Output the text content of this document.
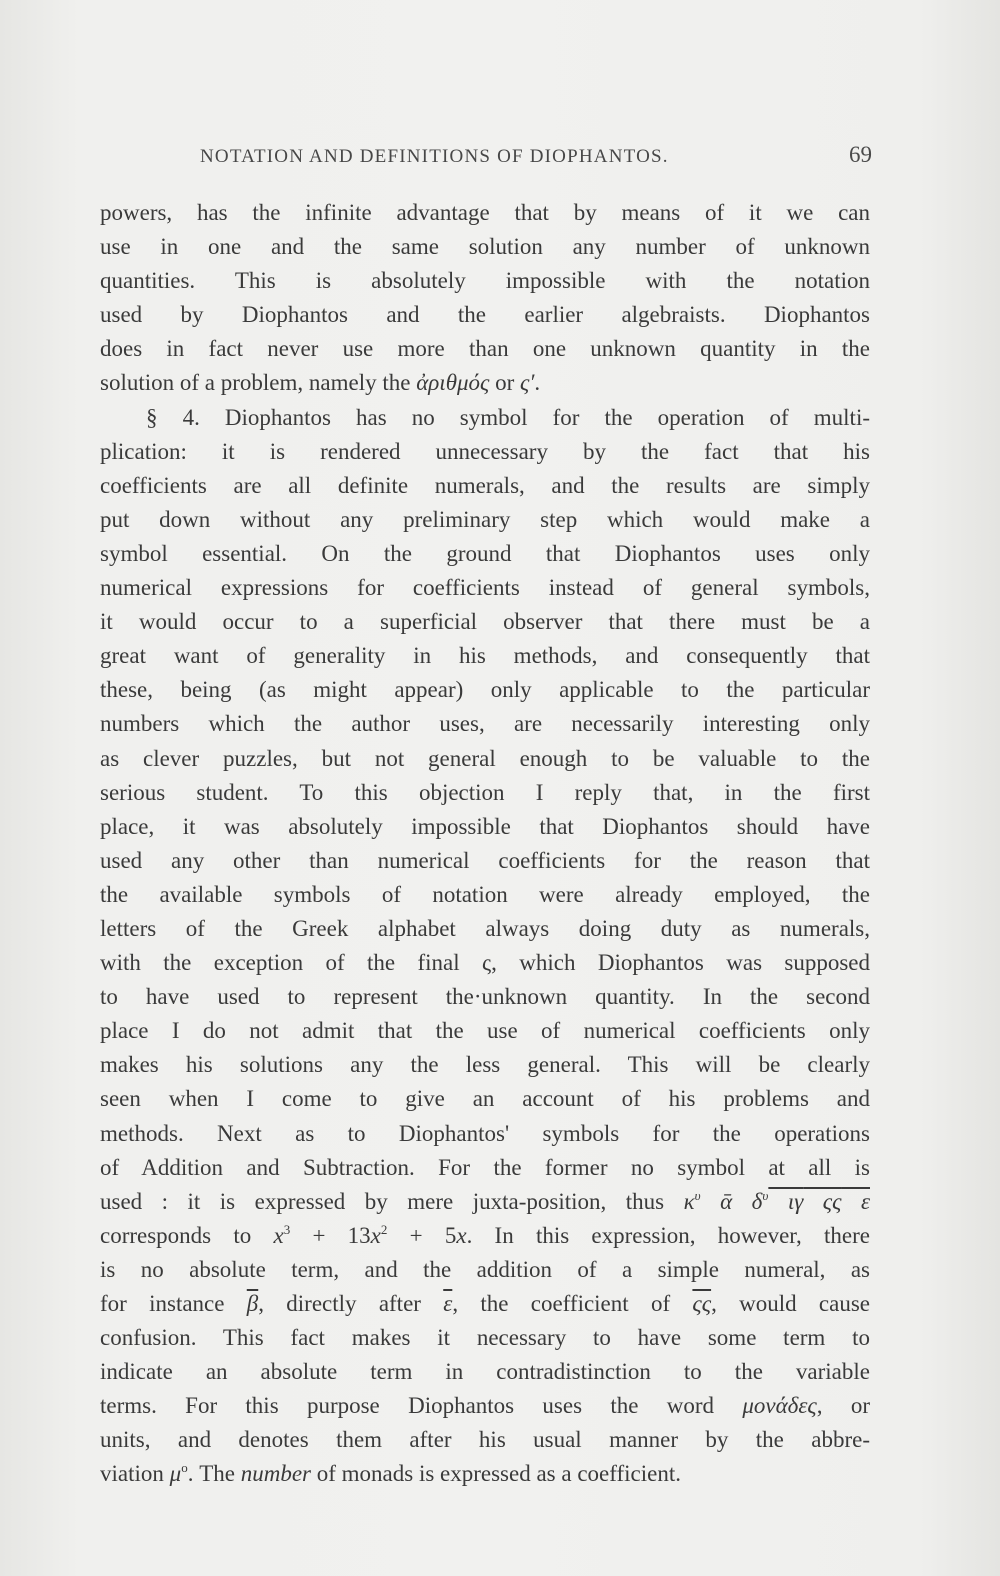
NOTATION AND DEFINITIONS OF DIOPHANTOS.	69
powers, has the infinite advantage that by means of it we can
use in one and the same solution any number of unknown
quantities. This is absolutely impossible with the notation
used by Diophantos and the earlier algebraists. Diophantos
does in fact never use more than one unknown quantity in the
solution of a problem, namely the ἀριθμός or ς′.
§ 4. Diophantos has no symbol for the operation of multi-
plication: it is rendered unnecessary by the fact that his
coefficients are all definite numerals, and the results are simply
put down without any preliminary step which would make a
symbol essential. On the ground that Diophantos uses only
numerical expressions for coefficients instead of general symbols,
it would occur to a superficial observer that there must be a
great want of generality in his methods, and consequently that
these, being (as might appear) only applicable to the particular
numbers which the author uses, are necessarily interesting only
as clever puzzles, but not general enough to be valuable to the
serious student. To this objection I reply that, in the first
place, it was absolutely impossible that Diophantos should have
used any other than numerical coefficients for the reason that
the available symbols of notation were already employed, the
letters of the Greek alphabet always doing duty as numerals,
with the exception of the final ς, which Diophantos was supposed
to have used to represent the·unknown quantity. In the second
place I do not admit that the use of numerical coefficients only
makes his solutions any the less general. This will be clearly
seen when I come to give an account of his problems and
methods. Next as to Diophantos' symbols for the operations
of Addition and Subtraction. For the former no symbol at all is
used : it is expressed by mere juxta-position, thus $\kappa^\upsilon$ ᾱ $\delta^\upsilon$ ιγ ςς ε
corresponds to $x^3 + 13x^2 + 5x$. In this expression, however, there
is no absolute term, and the addition of a simple numeral, as
for instance $\overline{\beta}$, directly after $\overline{\varepsilon}$, the coefficient of $\overline{\varsigma\varsigma}$, would cause
confusion. This fact makes it necessary to have some term to
indicate an absolute term in contradistinction to the variable
terms. For this purpose Diophantos uses the word μονάδες, or
units, and denotes them after his usual manner by the abbre-
viation $\mu^o$. The number of monads is expressed as a coefficient.
